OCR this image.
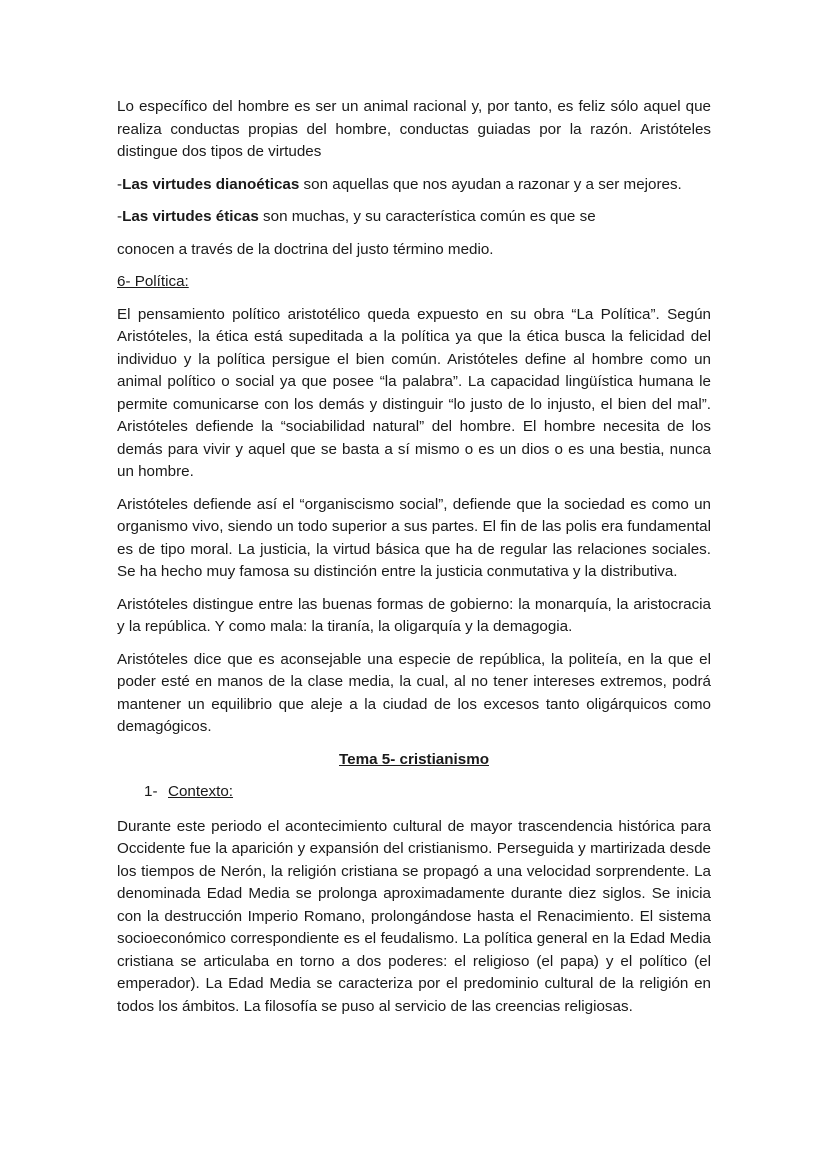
Lo específico del hombre es ser un animal racional y, por tanto, es feliz sólo aquel que realiza conductas propias del hombre, conductas guiadas por la razón. Aristóteles distingue dos tipos de virtudes

-Las virtudes dianoéticas son aquellas que nos ayudan a razonar y a ser mejores.

-Las virtudes éticas son muchas, y su característica común es que se

conocen a través de la doctrina del justo término medio.

6- Política:

El pensamiento político aristotélico queda expuesto en su obra “La Política”. Según Aristóteles, la ética está supeditada a la política ya que la ética busca la felicidad del individuo y la política persigue el bien común. Aristóteles define al hombre como un animal político o social ya que posee “la palabra”. La capacidad lingüística humana le permite comunicarse con los demás y distinguir “lo justo de lo injusto, el bien del mal”. Aristóteles defiende la “sociabilidad natural” del hombre. El hombre necesita de los demás para vivir y aquel que se basta a sí mismo o es un dios o es una bestia, nunca un hombre.

Aristóteles defiende así el “organiscismo social”, defiende que la sociedad es como un organismo vivo, siendo un todo superior a sus partes. El fin de las polis era fundamental es de tipo moral. La justicia, la virtud básica que ha de regular las relaciones sociales. Se ha hecho muy famosa su distinción entre la justicia conmutativa y la distributiva.

Aristóteles distingue entre las buenas formas de gobierno: la monarquía, la aristocracia y la república. Y como mala: la tiranía, la oligarquía y la demagogia.

Aristóteles dice que es aconsejable una especie de república, la politeía, en la que el poder esté en manos de la clase media, la cual, al no tener intereses extremos, podrá mantener un equilibrio que aleje a la ciudad de los excesos tanto oligárquicos como demagógicos.

Tema 5- cristianismo

1- Contexto:

Durante este periodo el acontecimiento cultural de mayor trascendencia histórica para Occidente fue la aparición y expansión del cristianismo. Perseguida y martirizada desde los tiempos de Nerón, la religión cristiana se propagó a una velocidad sorprendente. La denominada Edad Media se prolonga aproximadamente durante diez siglos. Se inicia con la destrucción Imperio Romano, prolongándose hasta el Renacimiento. El sistema socioeconómico correspondiente es el feudalismo. La política general en la Edad Media cristiana se articulaba en torno a dos poderes: el religioso (el papa) y el político (el emperador). La Edad Media se caracteriza por el predominio cultural de la religión en todos los ámbitos. La filosofía se puso al servicio de las creencias religiosas.
